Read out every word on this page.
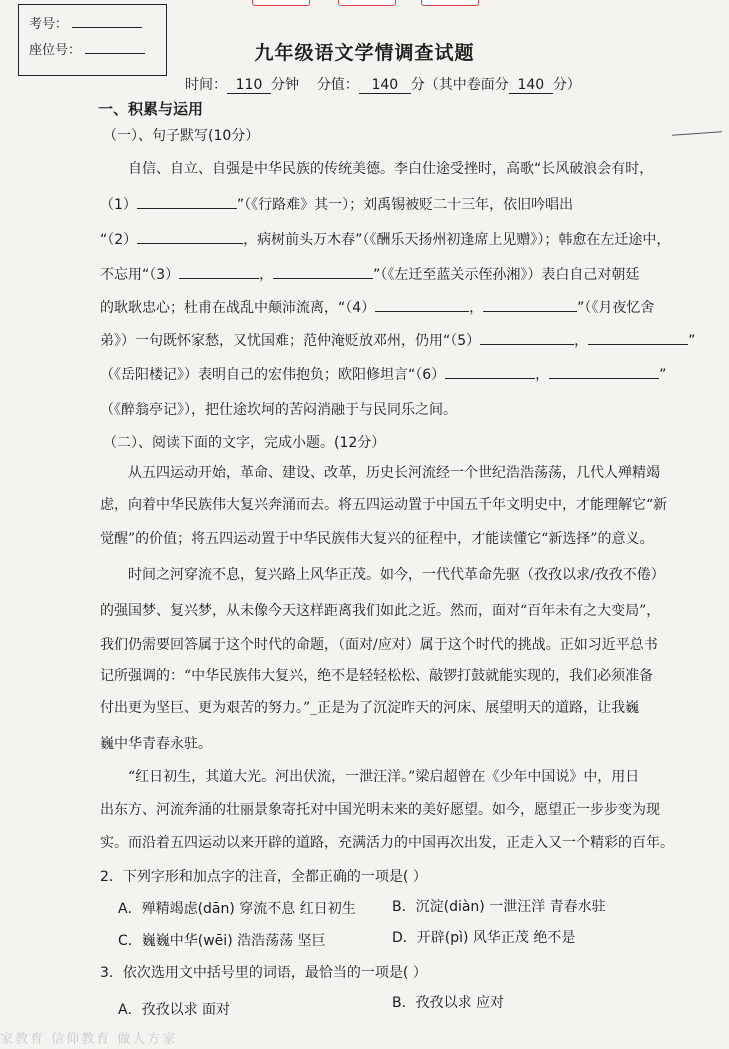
考号：
座位号：	九年级语文学情调查试题
时间： 110 分钟 分值： 140 分（其中卷面分 140 分）
一、积累与运用
（一）、句子默写(10分）
自信、自立、自强是中华民族的传统美德。李白仕途受挫时，高歌“长风破浪会有时，
（1）	”（《行路难》其一）；刘禹锡被贬二十三年，依旧吟唱出
“（2）	，病树前头万木春”（《酬乐天扬州初逢席上见赠》）；韩愈在左迁途中，
不忘用“（3）	，	”（《左迁至蓝关示侄孙湘》）表白自己对朝廷
的耿耿忠心；杜甫在战乱中颠沛流离，“（4）	，	”（《月夜忆舍
弟》）一句既怀家愁，又忧国难；范仲淹贬放邓州，仍用“（5）	，	”
（《岳阳楼记》）表明自己的宏伟抱负；欧阳修坦言“（6）	，	”
（《醉翁亭记》），把仕途坎坷的苦闷消融于与民同乐之间。
（二）、阅读下面的文字，完成小题。(12分）
从五四运动开始，革命、建设、改革，历史长河流经一个世纪浩浩荡荡，几代人殚精竭
虑，向着中华民族伟大复兴奔涌而去。将五四运动置于中国五千年文明史中，才能理解它“新
觉醒”的价值；将五四运动置于中华民族伟大复兴的征程中，才能读懂它“新选择”的意义。
时间之河穿流不息，复兴路上风华正茂。如今，一代代革命先驱（孜孜以求/孜孜不倦）
的强国梦、复兴梦，从未像今天这样距离我们如此之近。然而，面对“百年未有之大变局”，
我们仍需要回答属于这个时代的命题，（面对/应对）属于这个时代的挑战。正如习近平总书
记所强调的：“中华民族伟大复兴，绝不是轻轻松松、敲锣打鼓就能实现的，我们必须准备
付出更为坚巨、更为艰苦的努力。”_正是为了沉淀昨天的河床、展望明天的道路，让我巍
巍中华青春永驻。
“红日初生，其道大光。河出伏流，一泄汪洋。”梁启超曾在《少年中国说》中，用日
出东方、河流奔涌的壮丽景象寄托对中国光明未来的美好愿望。如今，愿望正一步步变为现
实。而沿着五四运动以来开辟的道路，充满活力的中国再次出发，正走入又一个精彩的百年。
2．下列字形和加点字的注音，全都正确的一项是( ）
A．殚精竭虑(dān) 穿流不息 红日初生	B．沉淀(diàn) 一泄汪洋 青春水驻
C．巍巍中华(wēi) 浩浩荡荡 坚巨	D．开辟(pì) 风华正茂 绝不是
3．依次选用文中括号里的词语，最恰当的一项是( ）
A．孜孜以求 面对	B．孜孜以求 应对
家教育 信仰教育 做人方家
